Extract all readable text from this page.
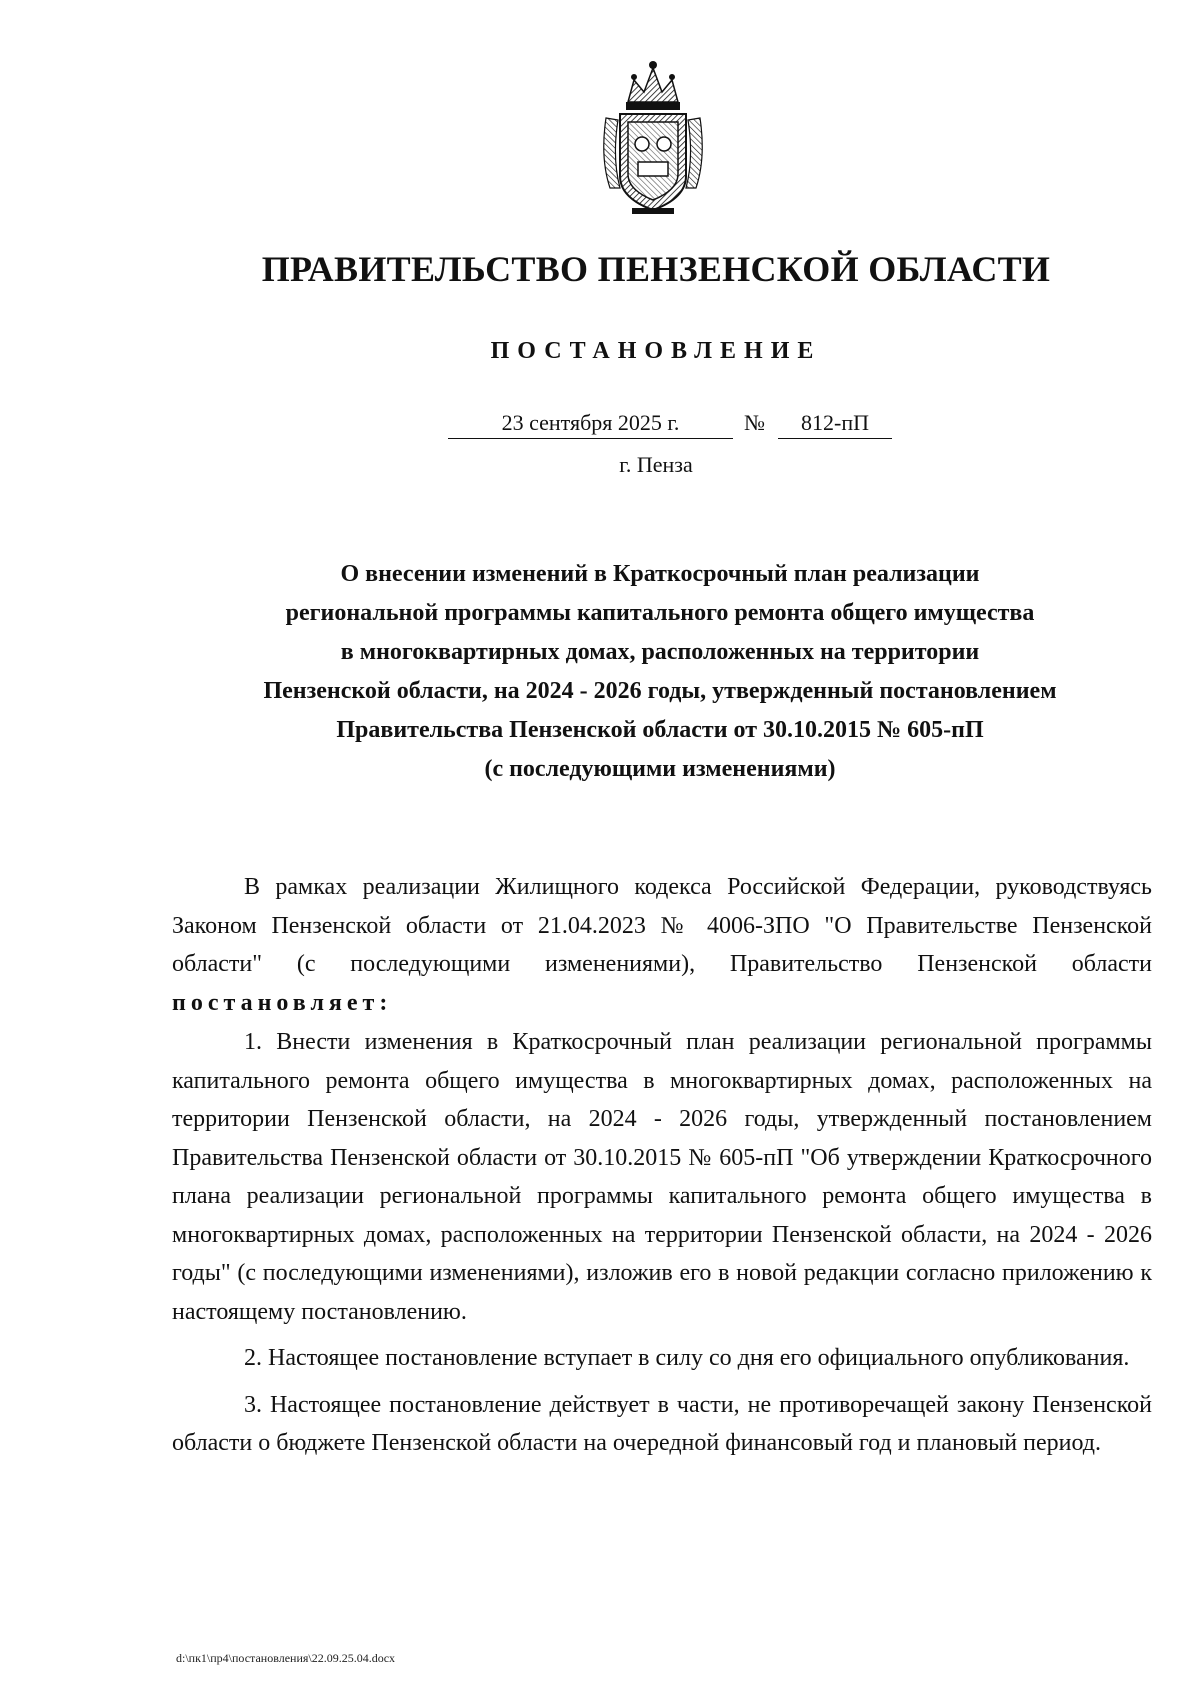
ПРАВИТЕЛЬСТВО ПЕНЗЕНСКОЙ ОБЛАСТИ
ПОСТАНОВЛЕНИЕ
23 сентября 2025 г.	№	812-пП
г. Пенза
О внесении изменений в Краткосрочный план реализации
региональной программы капитального ремонта общего имущества
в многоквартирных домах, расположенных на территории
Пензенской области, на 2024 - 2026 годы, утвержденный постановлением
Правительства Пензенской области от 30.10.2015 № 605-пП
(с последующими изменениями)

В рамках реализации Жилищного кодекса Российской Федерации, руководствуясь Законом Пензенской области от 21.04.2023 № 4006-ЗПО "О Правительстве Пензенской области" (с последующими изменениями), Правительство Пензенской области постановляет:

1. Внести изменения в Краткосрочный план реализации региональной программы капитального ремонта общего имущества в многоквартирных домах, расположенных на территории Пензенской области, на 2024 - 2026 годы, утвержденный постановлением Правительства Пензенской области от 30.10.2015 № 605-пП "Об утверждении Краткосрочного плана реализации региональной программы капитального ремонта общего имущества в многоквартирных домах, расположенных на территории Пензенской области, на 2024 - 2026 годы" (с последующими изменениями), изложив его в новой редакции согласно приложению к настоящему постановлению.

2. Настоящее постановление вступает в силу со дня его официального опубликования.

3. Настоящее постановление действует в части, не противоречащей закону Пензенской области о бюджете Пензенской области на очередной финансовый год и плановый период.

d:\пк1\пр4\постановления\22.09.25.04.docx
